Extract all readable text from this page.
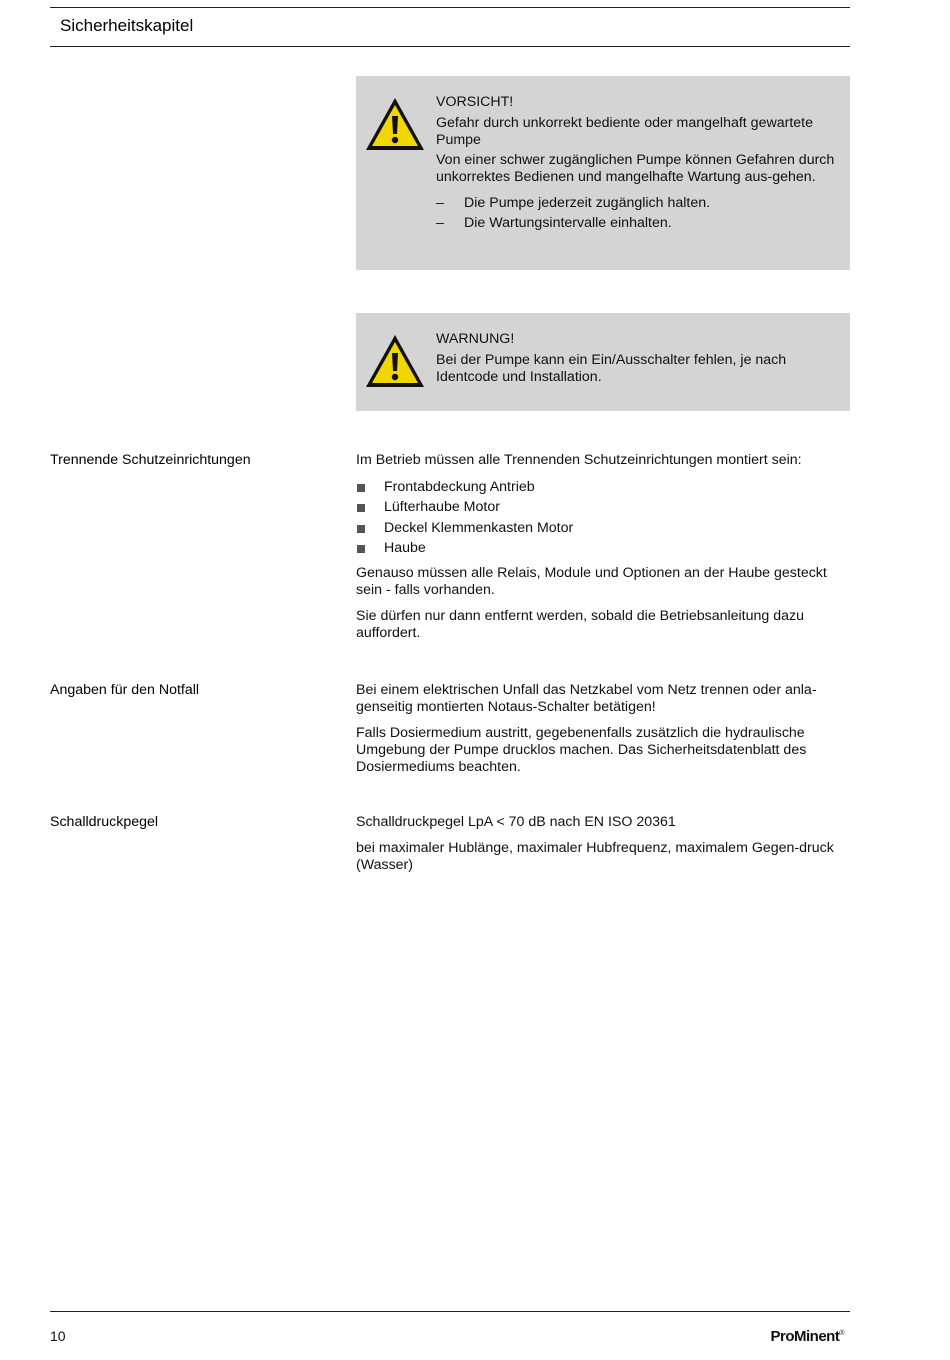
Sicherheitskapitel

VORSICHT!

Gefahr durch unkorrekt bediente oder mangelhaft gewartete Pumpe

Von einer schwer zugänglichen Pumpe können Gefahren durch unkorrektes Bedienen und mangelhafte Wartung aus-gehen.

– Die Pumpe jederzeit zugänglich halten.
– Die Wartungsintervalle einhalten.

WARNUNG!

Bei der Pumpe kann ein Ein/Ausschalter fehlen, je nach Identcode und Installation.

Trennende Schutzeinrichtungen	Im Betrieb müssen alle Trennenden Schutzeinrichtungen montiert sein:

Frontabdeckung Antrieb
Lüfterhaube Motor
Deckel Klemmenkasten Motor
Haube

Genauso müssen alle Relais, Module und Optionen an der Haube gesteckt sein - falls vorhanden.

Sie dürfen nur dann entfernt werden, sobald die Betriebsanleitung dazu auffordert.

Angaben für den Notfall	Bei einem elektrischen Unfall das Netzkabel vom Netz trennen oder anla-genseitig montierten Notaus-Schalter betätigen!

Falls Dosiermedium austritt, gegebenenfalls zusätzlich die hydraulische Umgebung der Pumpe drucklos machen. Das Sicherheitsdatenblatt des Dosiermediums beachten.

Schalldruckpegel	Schalldruckpegel LpA < 70 dB nach EN ISO 20361

bei maximaler Hublänge, maximaler Hubfrequenz, maximalem Gegen-druck (Wasser)

10	ProMinent®
